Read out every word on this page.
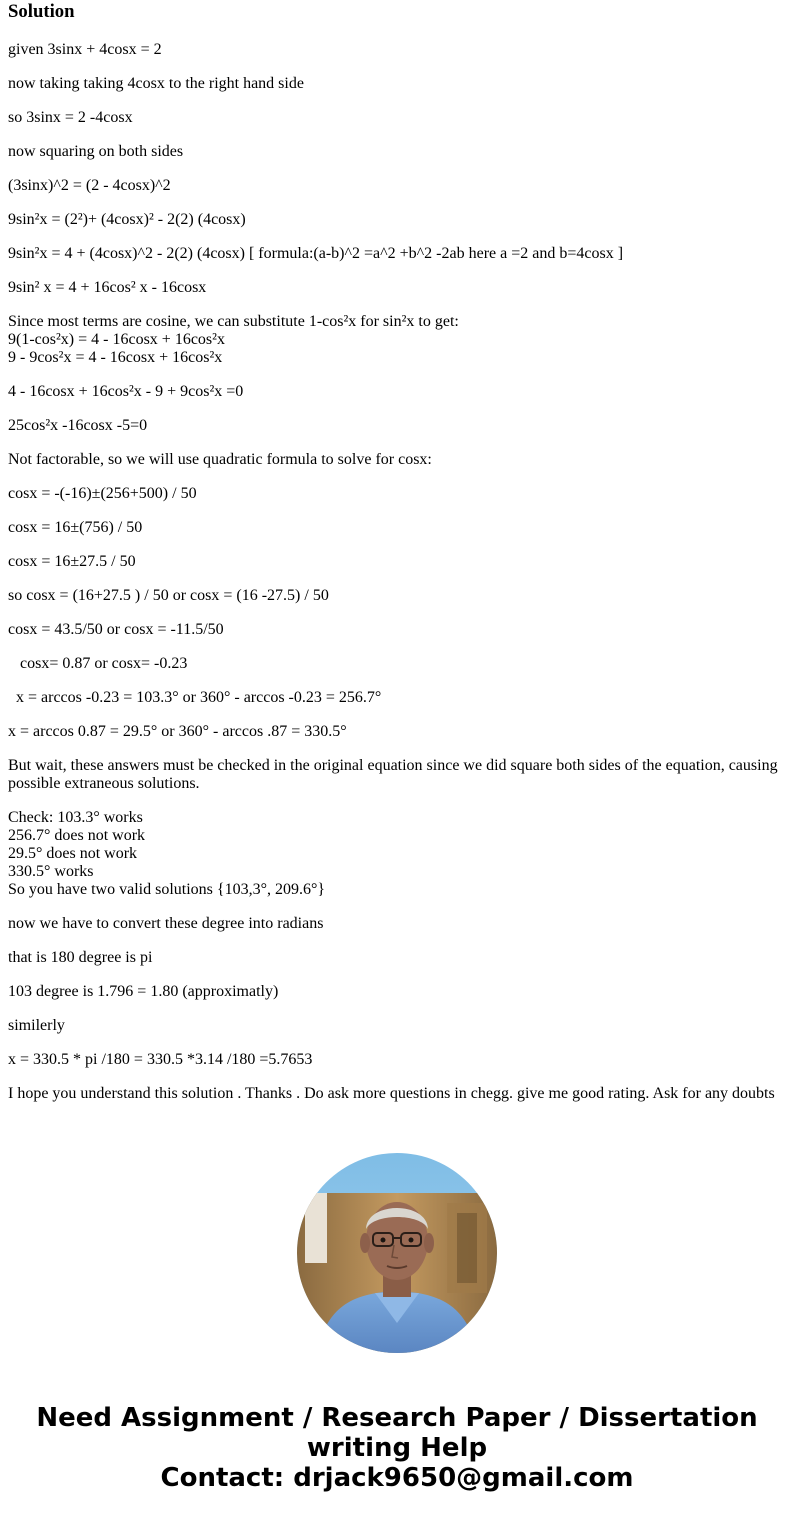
Solution

given 3sinx + 4cosx = 2

now taking taking 4cosx to the right hand side

so 3sinx = 2 -4cosx

now squaring on both sides

(3sinx)^2 = (2 - 4cosx)^2

9sin²x = (2²)+ (4cosx)² - 2(2) (4cosx)

9sin²x = 4 + (4cosx)^2 - 2(2) (4cosx) [ formula:(a-b)^2 =a^2 +b^2 -2ab here a =2 and b=4cosx ]

9sin² x = 4 + 16cos² x - 16cosx

Since most terms are cosine, we can substitute 1-cos²x for sin²x to get:
9(1-cos²x) = 4 - 16cosx + 16cos²x
9 - 9cos²x = 4 - 16cosx + 16cos²x

4 - 16cosx + 16cos²x - 9 + 9cos²x =0

25cos²x -16cosx -5=0

Not factorable, so we will use quadratic formula to solve for cosx:

cosx = -(-16)±(256+500) / 50

cosx = 16±(756) / 50

cosx = 16±27.5 / 50

so cosx = (16+27.5 ) / 50 or cosx = (16 -27.5) / 50

cosx = 43.5/50 or cosx = -11.5/50

cosx= 0.87 or cosx= -0.23

x = arccos -0.23 = 103.3° or 360° - arccos -0.23 = 256.7°

x = arccos 0.87 = 29.5° or 360° - arccos .87 = 330.5°

But wait, these answers must be checked in the original equation since we did square both sides of the equation, causing possible extraneous solutions.

Check: 103.3° works
256.7° does not work
29.5° does not work
330.5° works
So you have two valid solutions {103,3°, 209.6°}

now we have to convert these degree into radians

that is 180 degree is pi

103 degree is 1.796 = 1.80 (approximatly)

similerly

x = 330.5 * pi /180 = 330.5 *3.14 /180 =5.7653

I hope you understand this solution . Thanks . Do ask more questions in chegg. give me good rating. Ask for any doubts

Need Assignment / Research Paper / Dissertation
writing Help
Contact: drjack9650@gmail.com
